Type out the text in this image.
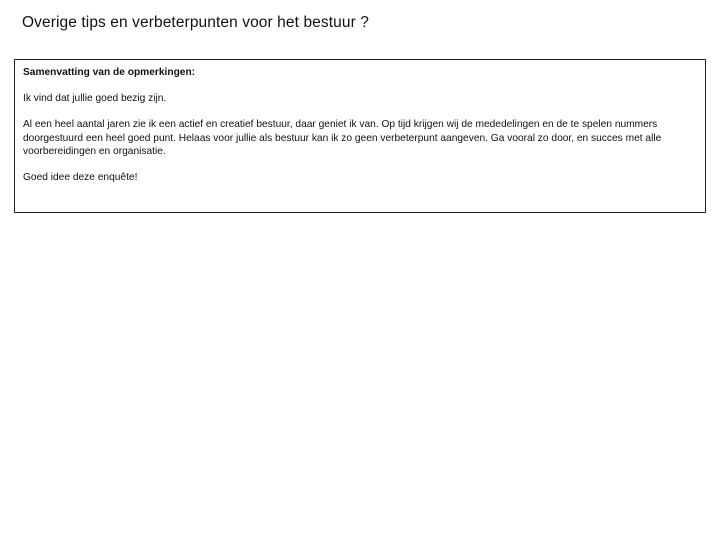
Overige tips en verbeterpunten voor het bestuur ?
Samenvatting van de opmerkingen:
Ik vind dat jullie goed bezig zijn.
Al een heel aantal jaren zie ik een actief en creatief bestuur, daar geniet ik van. Op tijd krijgen wij de mededelingen en de te spelen nummers doorgestuurd een heel goed punt. Helaas voor jullie als bestuur kan ik zo geen verbeterpunt aangeven. Ga vooral zo door, en succes met alle voorbereidingen en organisatie.
Goed idee deze enquête!
